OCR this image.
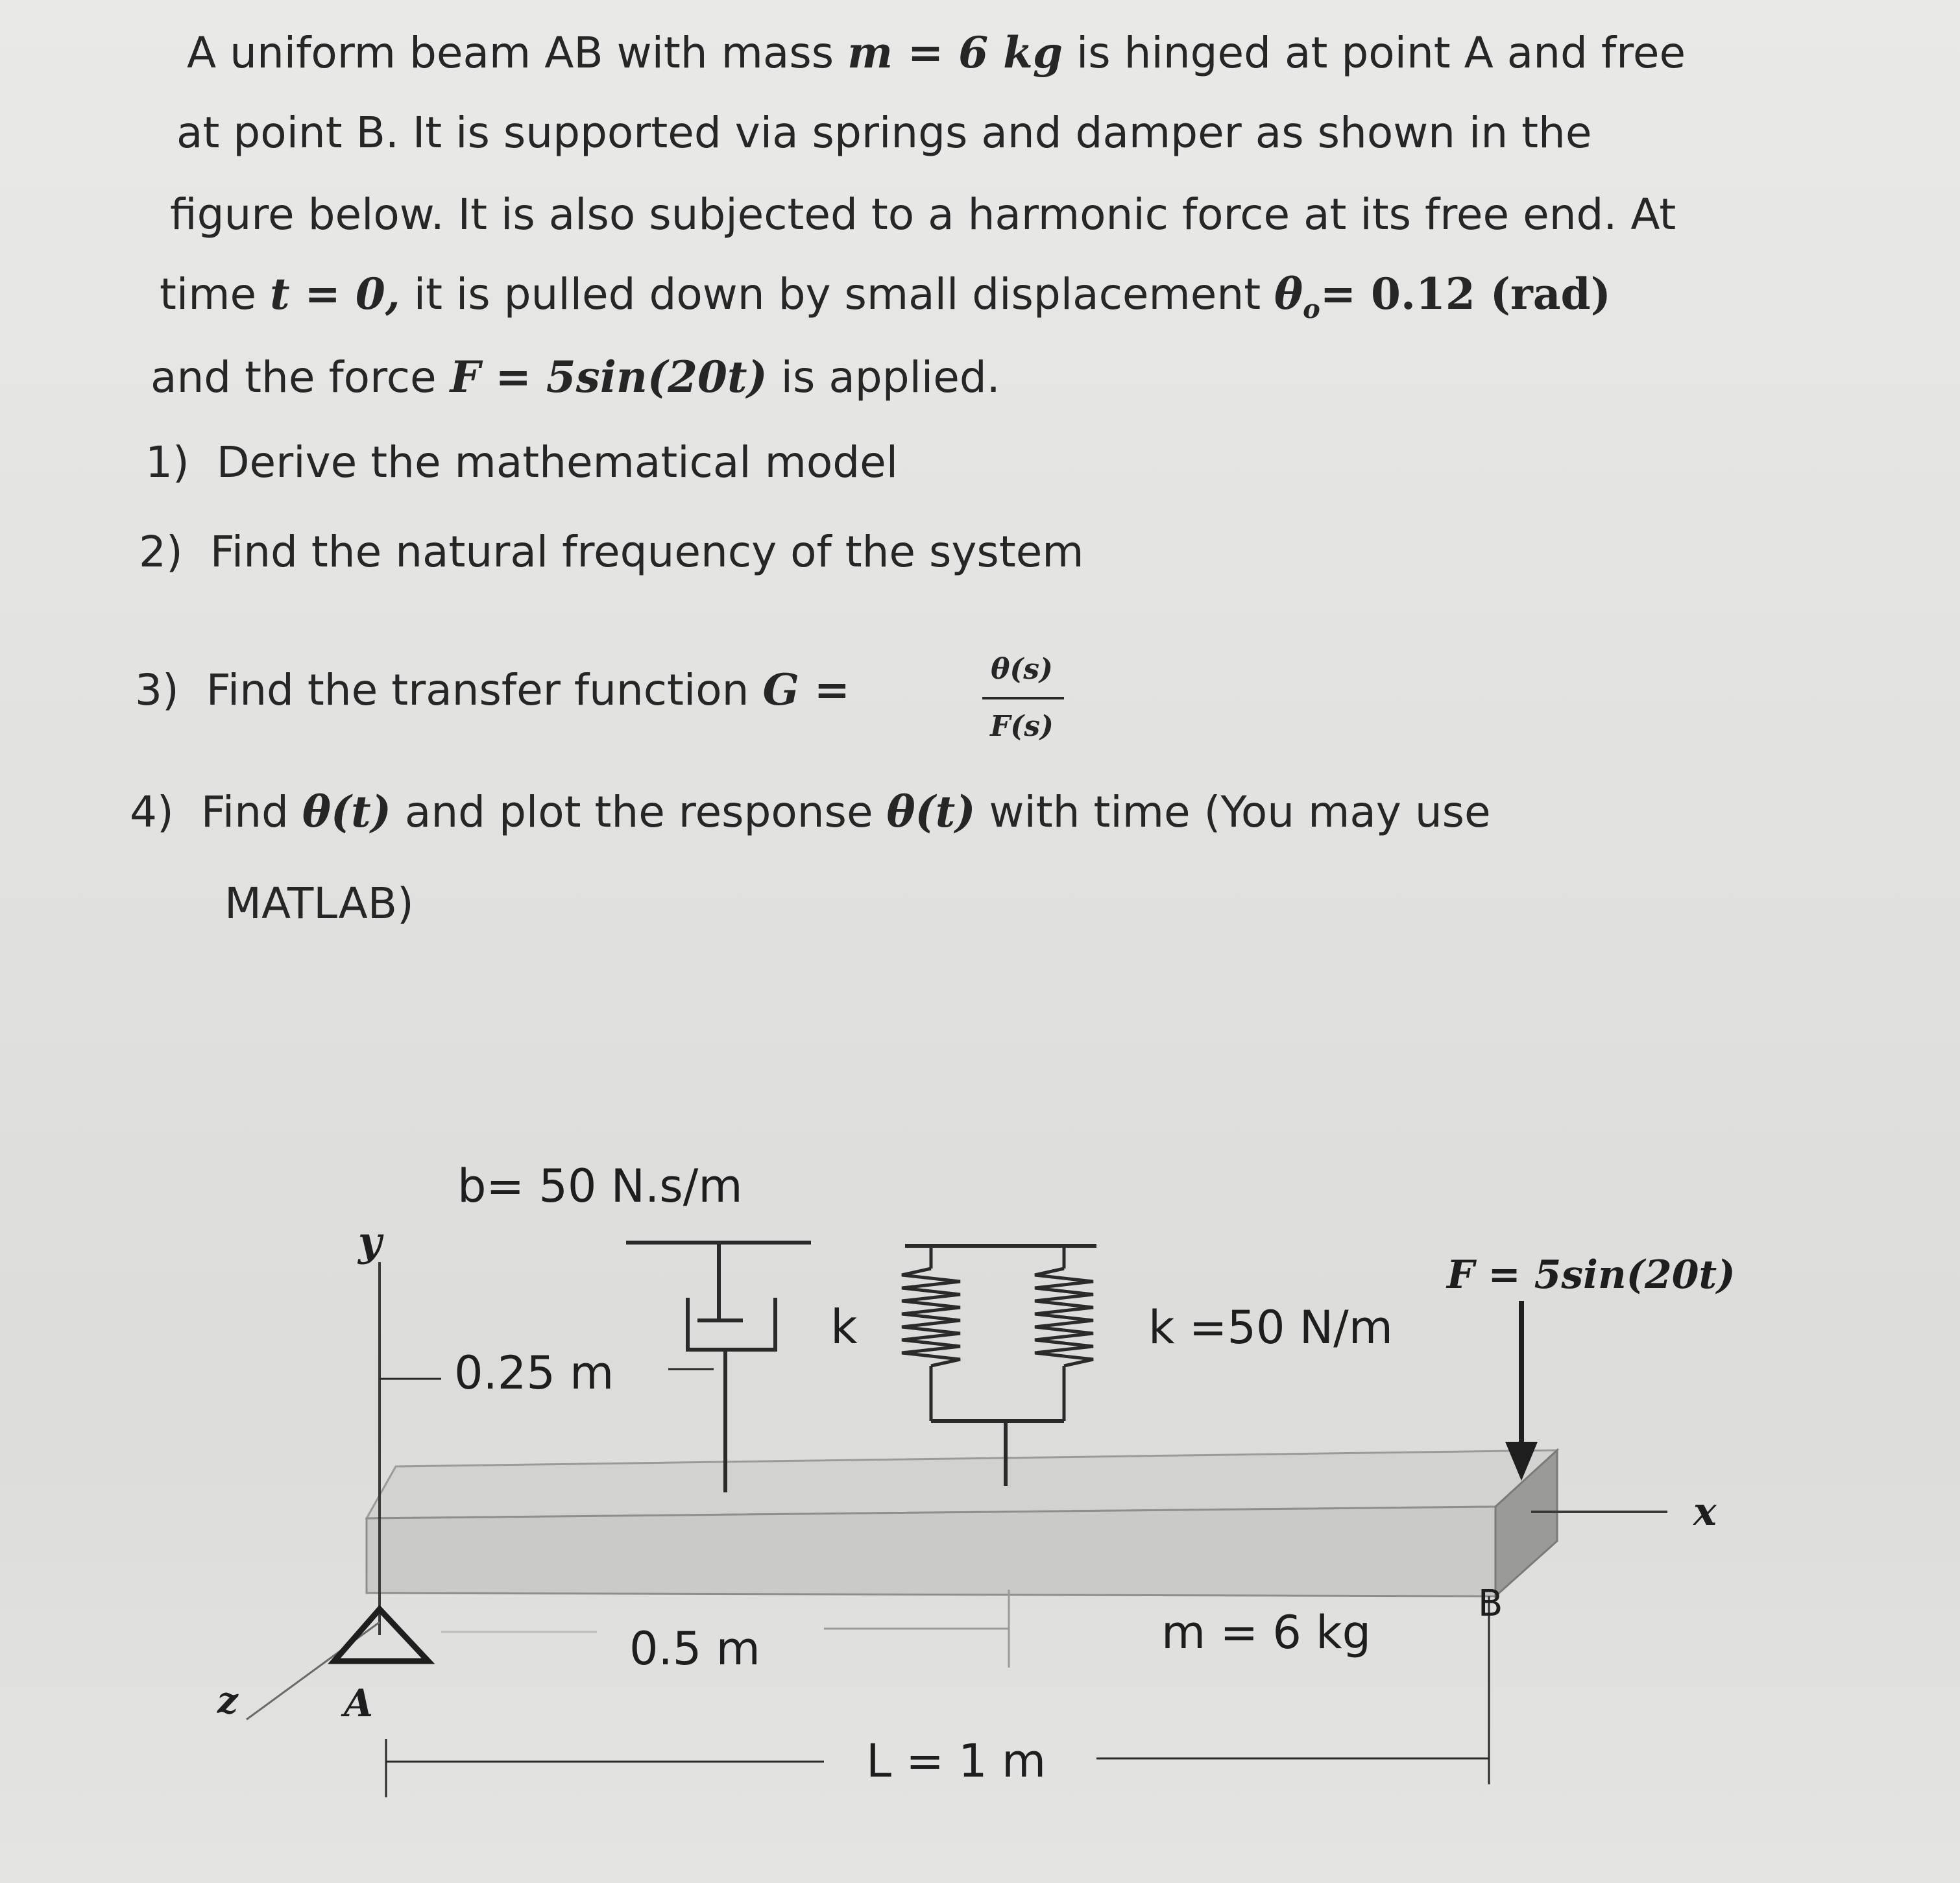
A uniform beam AB with mass m = 6 kg is hinged at point A and free
at point B. It is supported via springs and damper as shown in the
figure below. It is also subjected to a harmonic force at its free end. At
time t = 0, it is pulled down by small displacement $\theta_o= 0.12$ (rad)
and the force F = 5sin(20t) is applied.
1) Derive the mathematical model
2) Find the natural frequency of the system
3) Find the transfer function G =	θ(s)
F(s)
4) Find θ(t) and plot the response θ(t) with time (You may use
MATLAB)
b= 50 N.s/m
y
0.25 m
k	k =50 N/m
F = 5sin(20t)
x
0.5 m	m = 6 kg
B
z	A
L = 1 m
